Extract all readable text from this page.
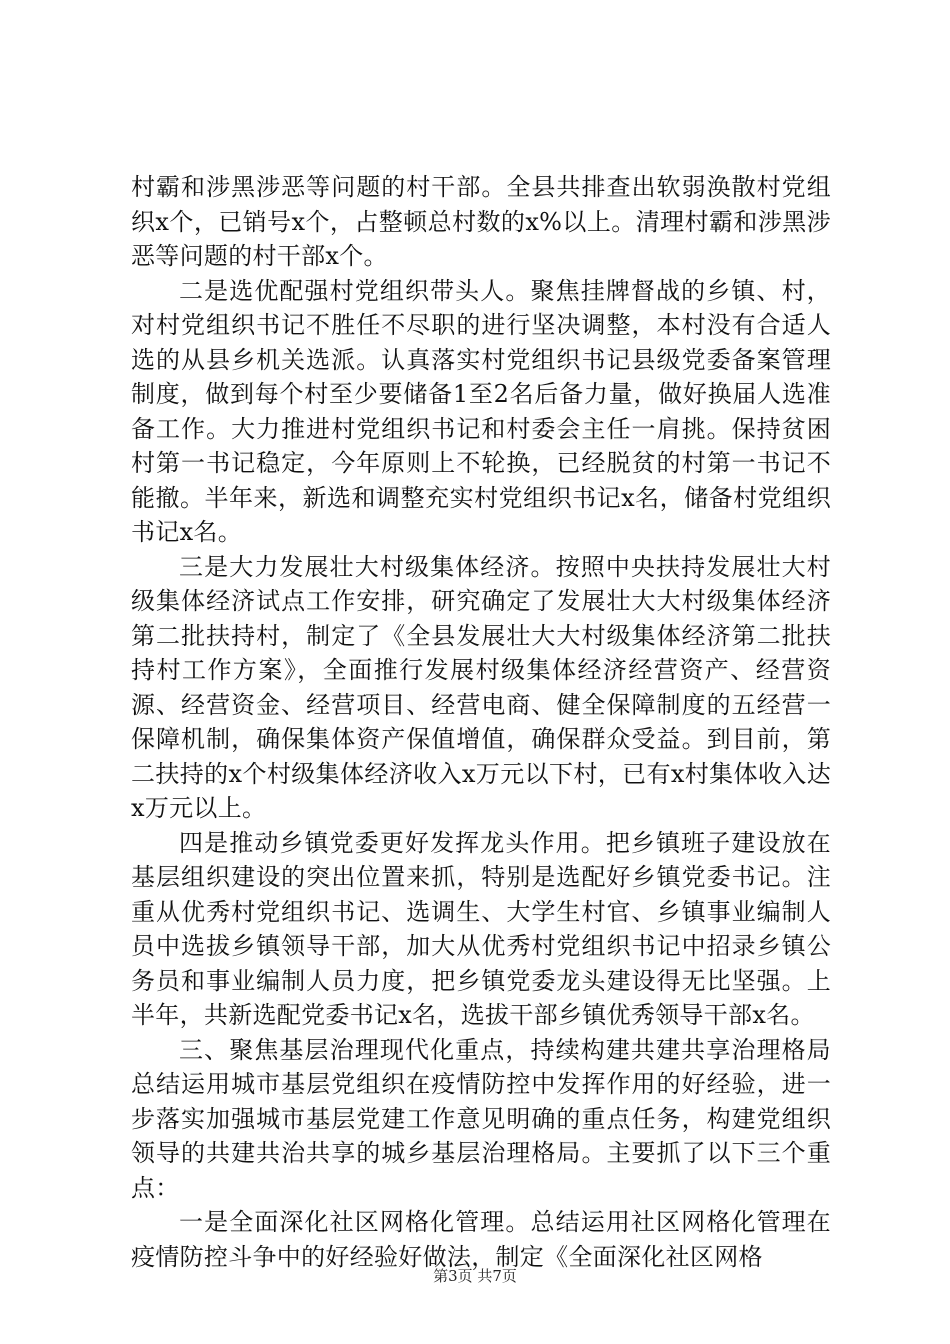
村霸和涉黑涉恶等问题的村干部。全县共排查出软弱涣散村党组织x个，已销号x个，占整顿总村数的x%以上。清理村霸和涉黑涉恶等问题的村干部x个。

二是选优配强村党组织带头人。聚焦挂牌督战的乡镇、村，对村党组织书记不胜任不尽职的进行坚决调整，本村没有合适人选的从县乡机关选派。认真落实村党组织书记县级党委备案管理制度，做到每个村至少要储备1至2名后备力量，做好换届人选准备工作。大力推进村党组织书记和村委会主任一肩挑。保持贫困村第一书记稳定，今年原则上不轮换，已经脱贫的村第一书记不能撤。半年来，新选和调整充实村党组织书记x名，储备村党组织书记x名。

三是大力发展壮大村级集体经济。按照中央扶持发展壮大村级集体经济试点工作安排，研究确定了发展壮大大村级集体经济第二批扶持村，制定了《全县发展壮大大村级集体经济第二批扶持村工作方案》，全面推行发展村级集体经济经营资产、经营资源、经营资金、经营项目、经营电商、健全保障制度的五经营一保障机制，确保集体资产保值增值，确保群众受益。到目前，第二扶持的x个村级集体经济收入x万元以下村，已有x村集体收入达x万元以上。

四是推动乡镇党委更好发挥龙头作用。把乡镇班子建设放在基层组织建设的突出位置来抓，特别是选配好乡镇党委书记。注重从优秀村党组织书记、选调生、大学生村官、乡镇事业编制人员中选拔乡镇领导干部，加大从优秀村党组织书记中招录乡镇公务员和事业编制人员力度，把乡镇党委龙头建设得无比坚强。上半年，共新选配党委书记x名，选拔干部乡镇优秀领导干部x名。

三、聚焦基层治理现代化重点，持续构建共建共享治理格局总结运用城市基层党组织在疫情防控中发挥作用的好经验，进一步落实加强城市基层党建工作意见明确的重点任务，构建党组织领导的共建共治共享的城乡基层治理格局。主要抓了以下三个重点：

一是全面深化社区网格化管理。总结运用社区网格化管理在疫情防控斗争中的好经验好做法，制定《全面深化社区网格

第3页 共7页
